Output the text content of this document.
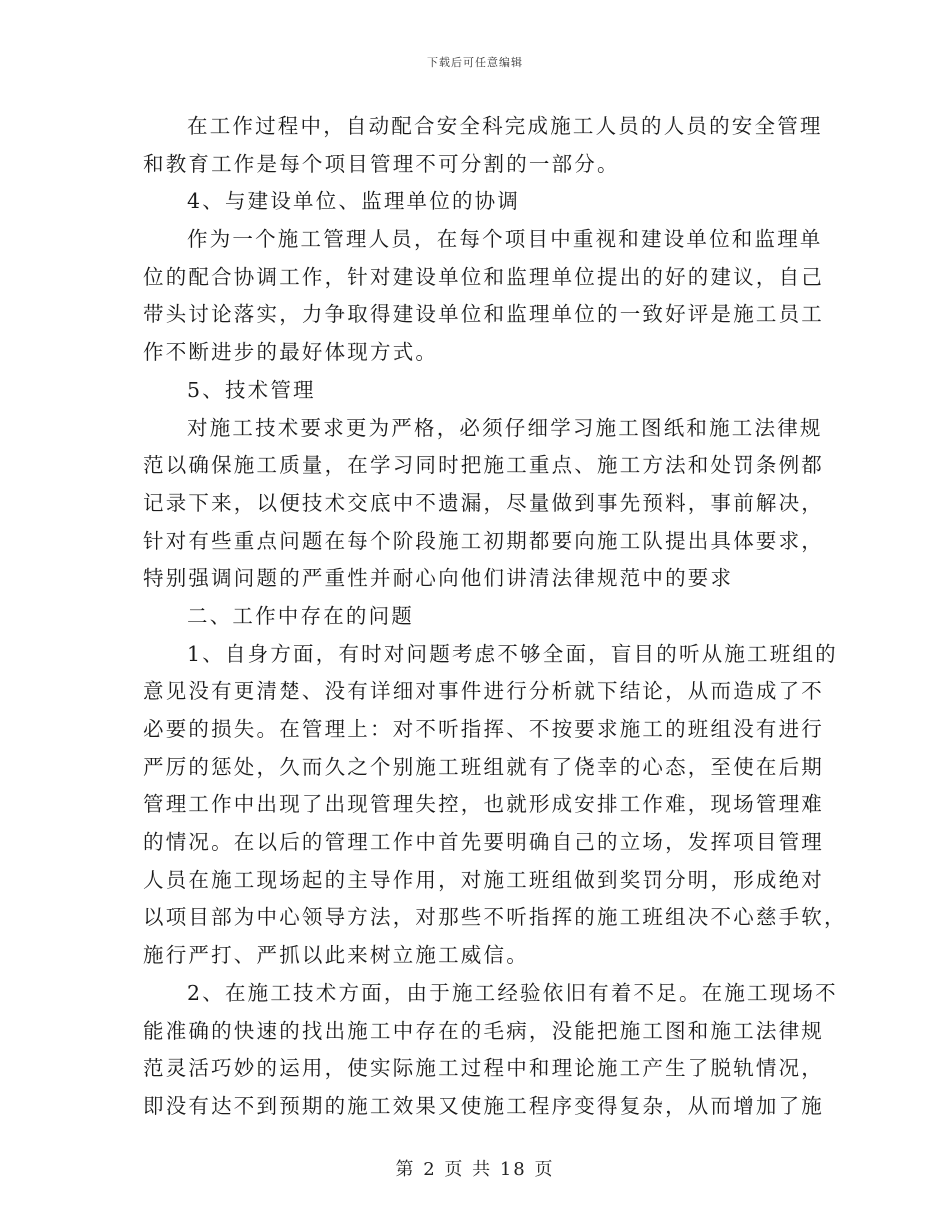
下载后可任意编辑
在工作过程中，自动配合安全科完成施工人员的人员的安全管理
和教育工作是每个项目管理不可分割的一部分。
4、与建设单位、监理单位的协调
作为一个施工管理人员，在每个项目中重视和建设单位和监理单
位的配合协调工作，针对建设单位和监理单位提出的好的建议，自己
带头讨论落实，力争取得建设单位和监理单位的一致好评是施工员工
作不断进步的最好体现方式。
5、技术管理
对施工技术要求更为严格，必须仔细学习施工图纸和施工法律规
范以确保施工质量，在学习同时把施工重点、施工方法和处罚条例都
记录下来，以便技术交底中不遗漏，尽量做到事先预料，事前解决，
针对有些重点问题在每个阶段施工初期都要向施工队提出具体要求，
特别强调问题的严重性并耐心向他们讲清法律规范中的要求
二、工作中存在的问题
1、自身方面，有时对问题考虑不够全面，盲目的听从施工班组的
意见没有更清楚、没有详细对事件进行分析就下结论，从而造成了不
必要的损失。在管理上：对不听指挥、不按要求施工的班组没有进行
严厉的惩处，久而久之个别施工班组就有了侥幸的心态，至使在后期
管理工作中出现了出现管理失控，也就形成安排工作难，现场管理难
的情况。在以后的管理工作中首先要明确自己的立场，发挥项目管理
人员在施工现场起的主导作用，对施工班组做到奖罚分明，形成绝对
以项目部为中心领导方法，对那些不听指挥的施工班组决不心慈手软，
施行严打、严抓以此来树立施工威信。
2、在施工技术方面，由于施工经验依旧有着不足。在施工现场不
能准确的快速的找出施工中存在的毛病，没能把施工图和施工法律规
范灵活巧妙的运用，使实际施工过程中和理论施工产生了脱轨情况，
即没有达不到预期的施工效果又使施工程序变得复杂，从而增加了施
第 2 页 共 18 页
